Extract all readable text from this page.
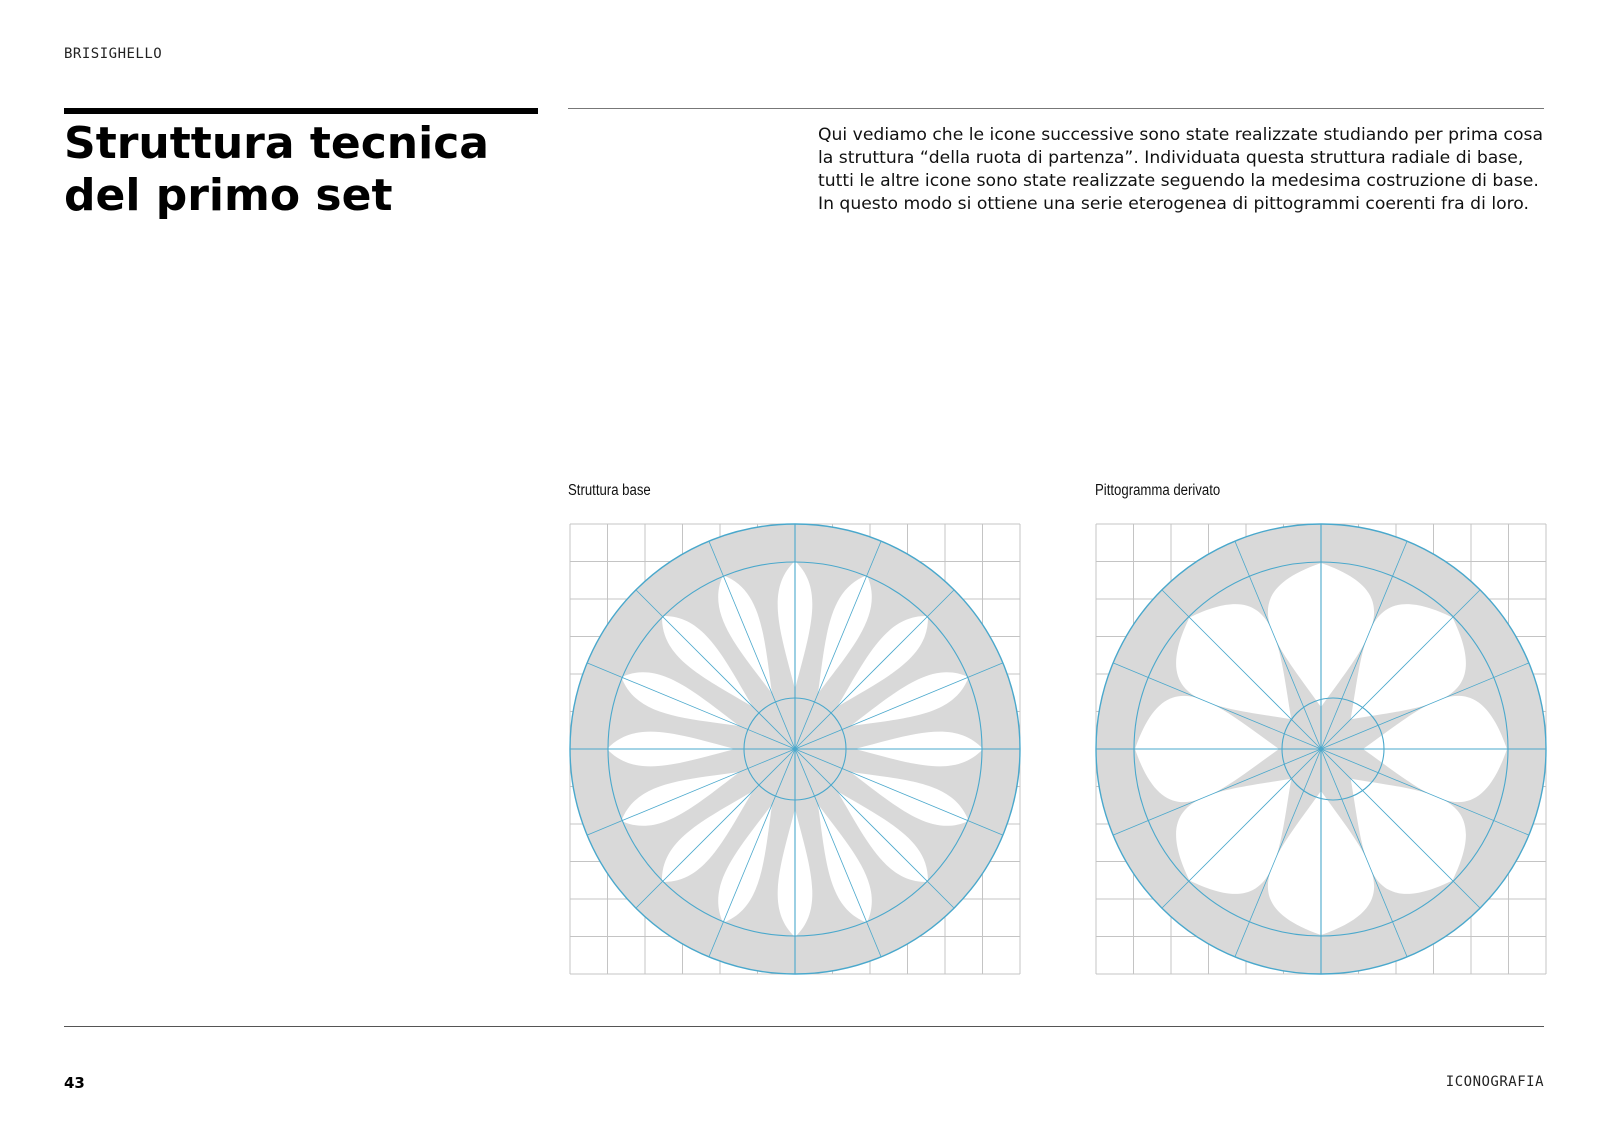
BRISIGHELLO
Struttura tecnica
del primo set

Qui vediamo che le icone successive sono state realizzate studiando per prima cosa
la struttura “della ruota di partenza”. Individuata questa struttura radiale di base,
tutti le altre icone sono state realizzate seguendo la medesima costruzione di base.
In questo modo si ottiene una serie eterogenea di pittogrammi coerenti fra di loro.

Struttura base	Pittogramma derivato
43	ICONOGRAFIA
